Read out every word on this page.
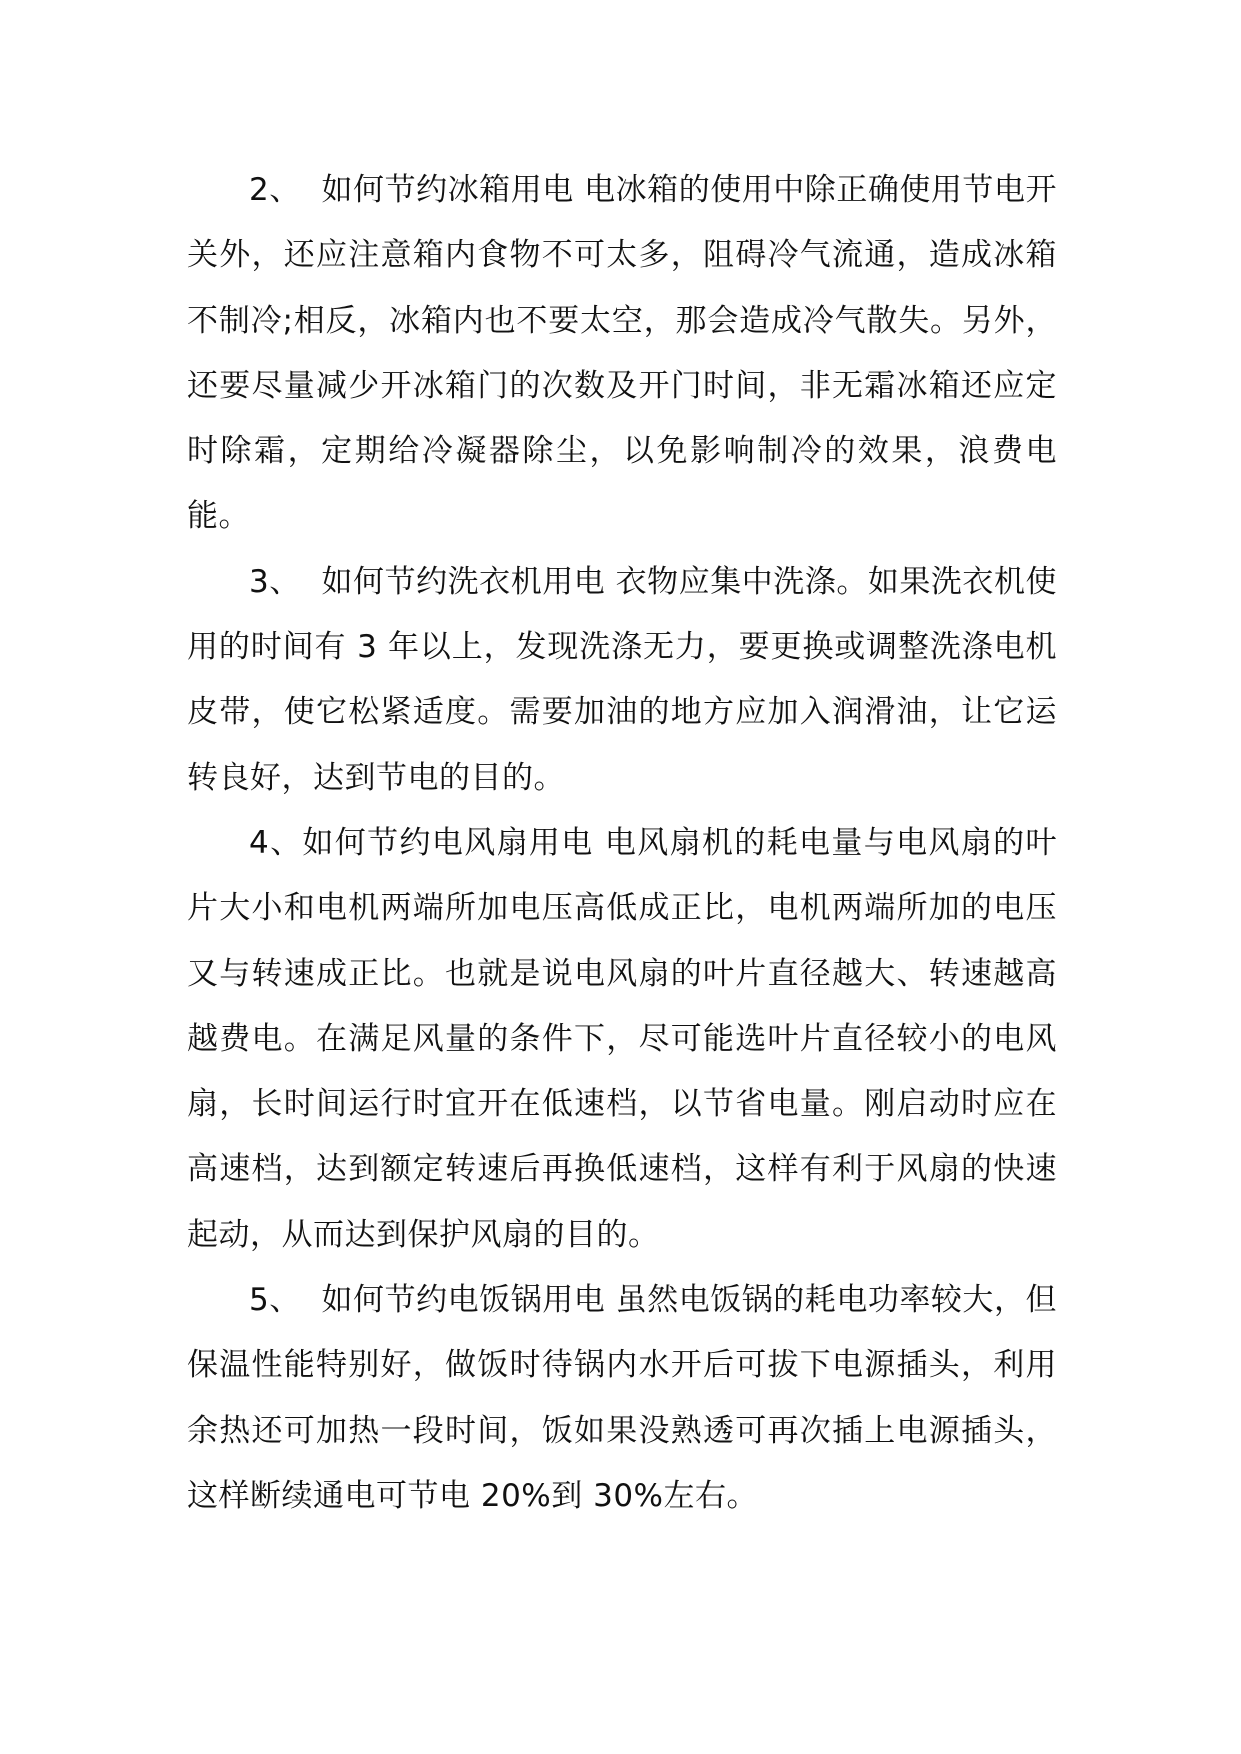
2、  如何节约冰箱用电 电冰箱的使用中除正确使用节电开关外，还应注意箱内食物不可太多，阻碍冷气流通，造成冰箱不制冷;相反，冰箱内也不要太空，那会造成冷气散失。另外，还要尽量减少开冰箱门的次数及开门时间，非无霜冰箱还应定时除霜，定期给冷凝器除尘，以免影响制冷的效果，浪费电能。

3、  如何节约洗衣机用电 衣物应集中洗涤。如果洗衣机使用的时间有 3 年以上，发现洗涤无力，要更换或调整洗涤电机皮带，使它松紧适度。需要加油的地方应加入润滑油，让它运转良好，达到节电的目的。

4、如何节约电风扇用电 电风扇机的耗电量与电风扇的叶片大小和电机两端所加电压高低成正比，电机两端所加的电压又与转速成正比。也就是说电风扇的叶片直径越大、转速越高越费电。在满足风量的条件下，尽可能选叶片直径较小的电风扇，长时间运行时宜开在低速档，以节省电量。刚启动时应在高速档，达到额定转速后再换低速档，这样有利于风扇的快速起动，从而达到保护风扇的目的。

5、  如何节约电饭锅用电 虽然电饭锅的耗电功率较大，但保温性能特别好，做饭时待锅内水开后可拔下电源插头，利用余热还可加热一段时间，饭如果没熟透可再次插上电源插头，这样断续通电可节电 20%到 30%左右。
